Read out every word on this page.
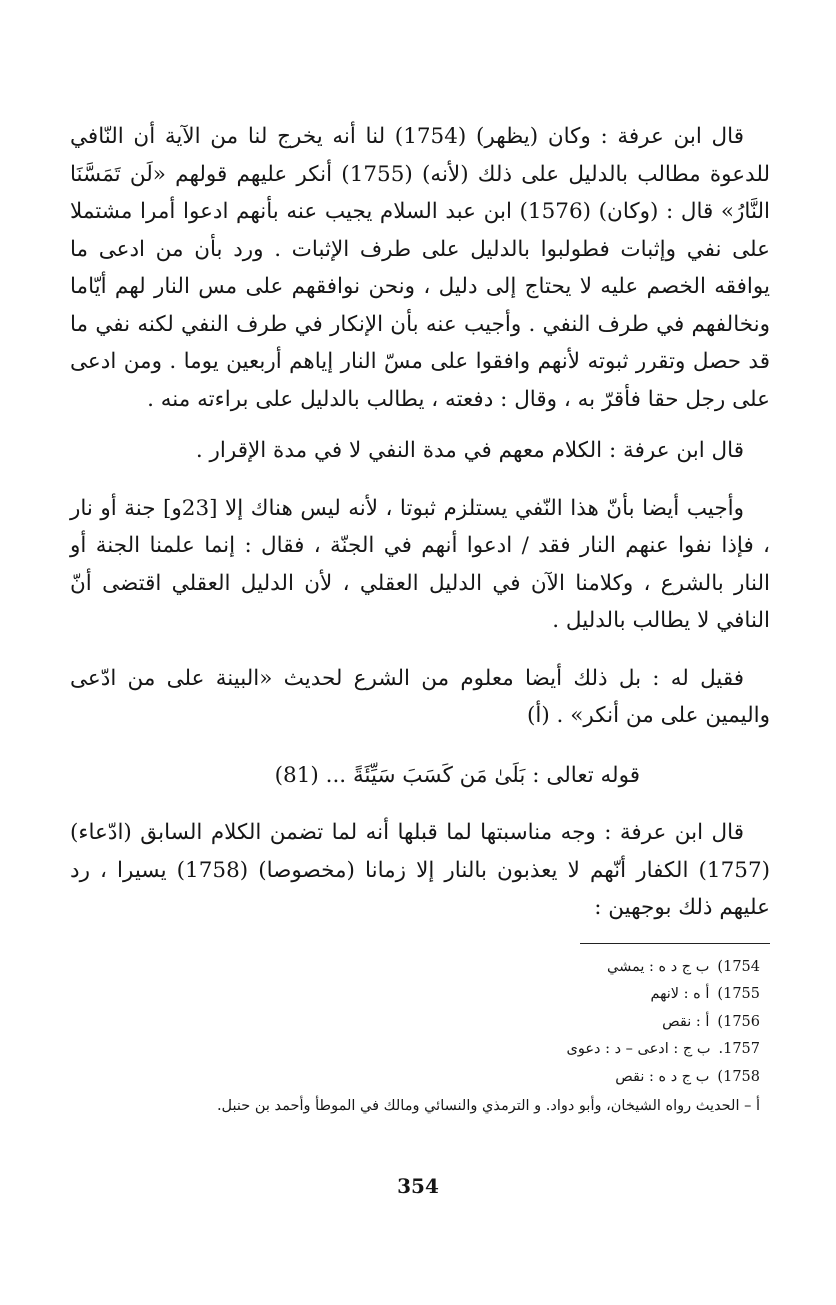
قال ابن عرفة : وكان (يظهر) (1754) لنا أنه يخرج لنا من الآية أن النّافي للدعوة مطالب بالدليل على ذلك (لأنه) (1755) أنكر عليهم قولهم «لَن تَمَسَّنَا النَّارُ» قال : (وكان) (1576) ابن عبد السلام يجيب عنه بأنهم ادعوا أمرا مشتملا على نفي وإثبات فطولبوا بالدليل على طرف الإثبات . ورد بأن من ادعى ما يوافقه الخصم عليه لا يحتاج إلى دليل ، ونحن نوافقهم على مس النار لهم أيّاما ونخالفهم في طرف النفي . وأجيب عنه بأن الإنكار في طرف النفي لكنه نفي ما قد حصل وتقرر ثبوته لأنهم وافقوا على مسّ النار إياهم أربعين يوما . ومن ادعى على رجل حقا فأقرّ به ، وقال : دفعته ، يطالب بالدليل على براءته منه .

قال ابن عرفة : الكلام معهم في مدة النفي لا في مدة الإقرار .

وأجيب أيضا بأنّ هذا النّفي يستلزم ثبوتا ، لأنه ليس هناك إلا [23و] جنة أو نار ، فإذا نفوا عنهم النار فقد / ادعوا أنهم في الجنّة ، فقال : إنما علمنا الجنة أو النار بالشرع ، وكلامنا الآن في الدليل العقلي ، لأن الدليل العقلي اقتضى أنّ النافي لا يطالب بالدليل .

فقيل له : بل ذلك أيضا معلوم من الشرع لحديث «البينة على من ادّعى واليمين على من أنكر» . (أ)

قوله تعالى : بَلَىٰ مَن كَسَبَ سَيِّئَةً ... (81)

قال ابن عرفة : وجه مناسبتها لما قبلها أنه لما تضمن الكلام السابق (ادّعاء) (1757) الكفار أنّهم لا يعذبون بالنار إلا زمانا (مخصوصا) (1758) يسيرا ، رد عليهم ذلك بوجهين :

1754)ب ج د ه : يمشي
1755)أ ه : لانهم
1756)أ : نقص
1757.ب ج : ادعى – د : دعوى
1758)ب ج د ه : نقص

أ – الحديث رواه الشيخان، وأبو دواد. و الترمذي والنسائي ومالك في الموطأ وأحمد بن حنبل.

354
